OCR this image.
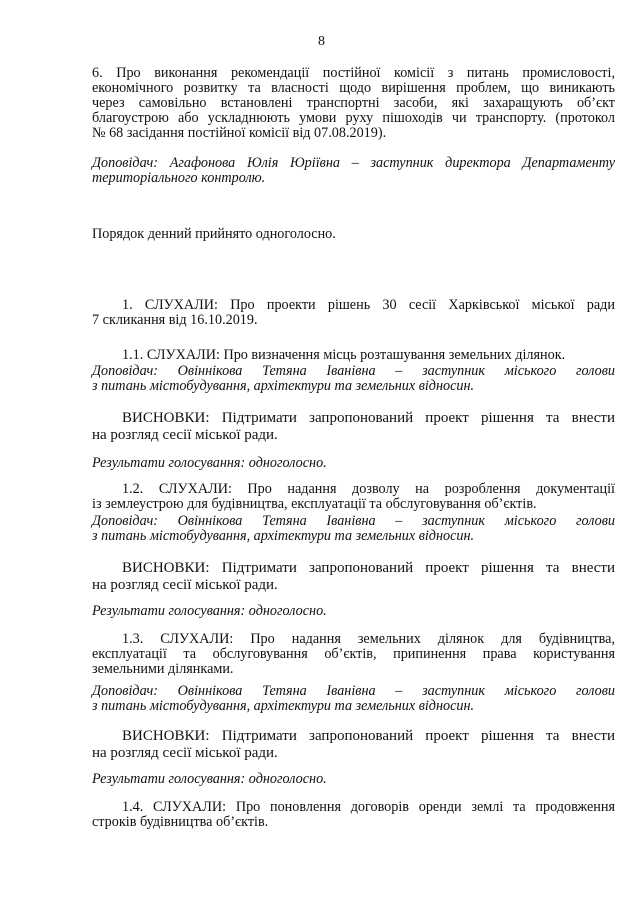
8
6. Про виконання рекомендації постійної комісії з питань промисловості,
економічного розвитку та власності щодо вирішення проблем, що виникають
через самовільно встановлені транспортні засоби, які захаращують об’єкт
благоустрою або ускладнюють умови руху пішоходів чи транспорту. (протокол
№ 68 засідання постійної комісії від 07.08.2019).
Доповідач: Агафонова Юлія Юріївна – заступник директора Департаменту
територіального контролю.
Порядок денний прийнято одноголосно.
1. СЛУХАЛИ: Про проекти рішень 30 сесії Харківської міської ради
7 скликання від 16.10.2019.
1.1. СЛУХАЛИ: Про визначення місць розташування земельних ділянок.
Доповідач: Овіннікова Тетяна Іванівна – заступник міського голови
з питань містобудування, архітектури та земельних відносин.
ВИСНОВКИ: Підтримати запропонований проект рішення та внести
на розгляд сесії міської ради.
Результати голосування: одноголосно.
1.2. СЛУХАЛИ: Про надання дозволу на розроблення документації
із землеустрою для будівництва, експлуатації та обслуговування об’єктів.
Доповідач: Овіннікова Тетяна Іванівна – заступник міського голови
з питань містобудування, архітектури та земельних відносин.
ВИСНОВКИ: Підтримати запропонований проект рішення та внести
на розгляд сесії міської ради.
Результати голосування: одноголосно.
1.3. СЛУХАЛИ: Про надання земельних ділянок для будівництва,
експлуатації та обслуговування об’єктів, припинення права користування
земельними ділянками.
Доповідач: Овіннікова Тетяна Іванівна – заступник міського голови
з питань містобудування, архітектури та земельних відносин.
ВИСНОВКИ: Підтримати запропонований проект рішення та внести
на розгляд сесії міської ради.
Результати голосування: одноголосно.
1.4. СЛУХАЛИ: Про поновлення договорів оренди землі та продовження
строків будівництва об’єктів.
